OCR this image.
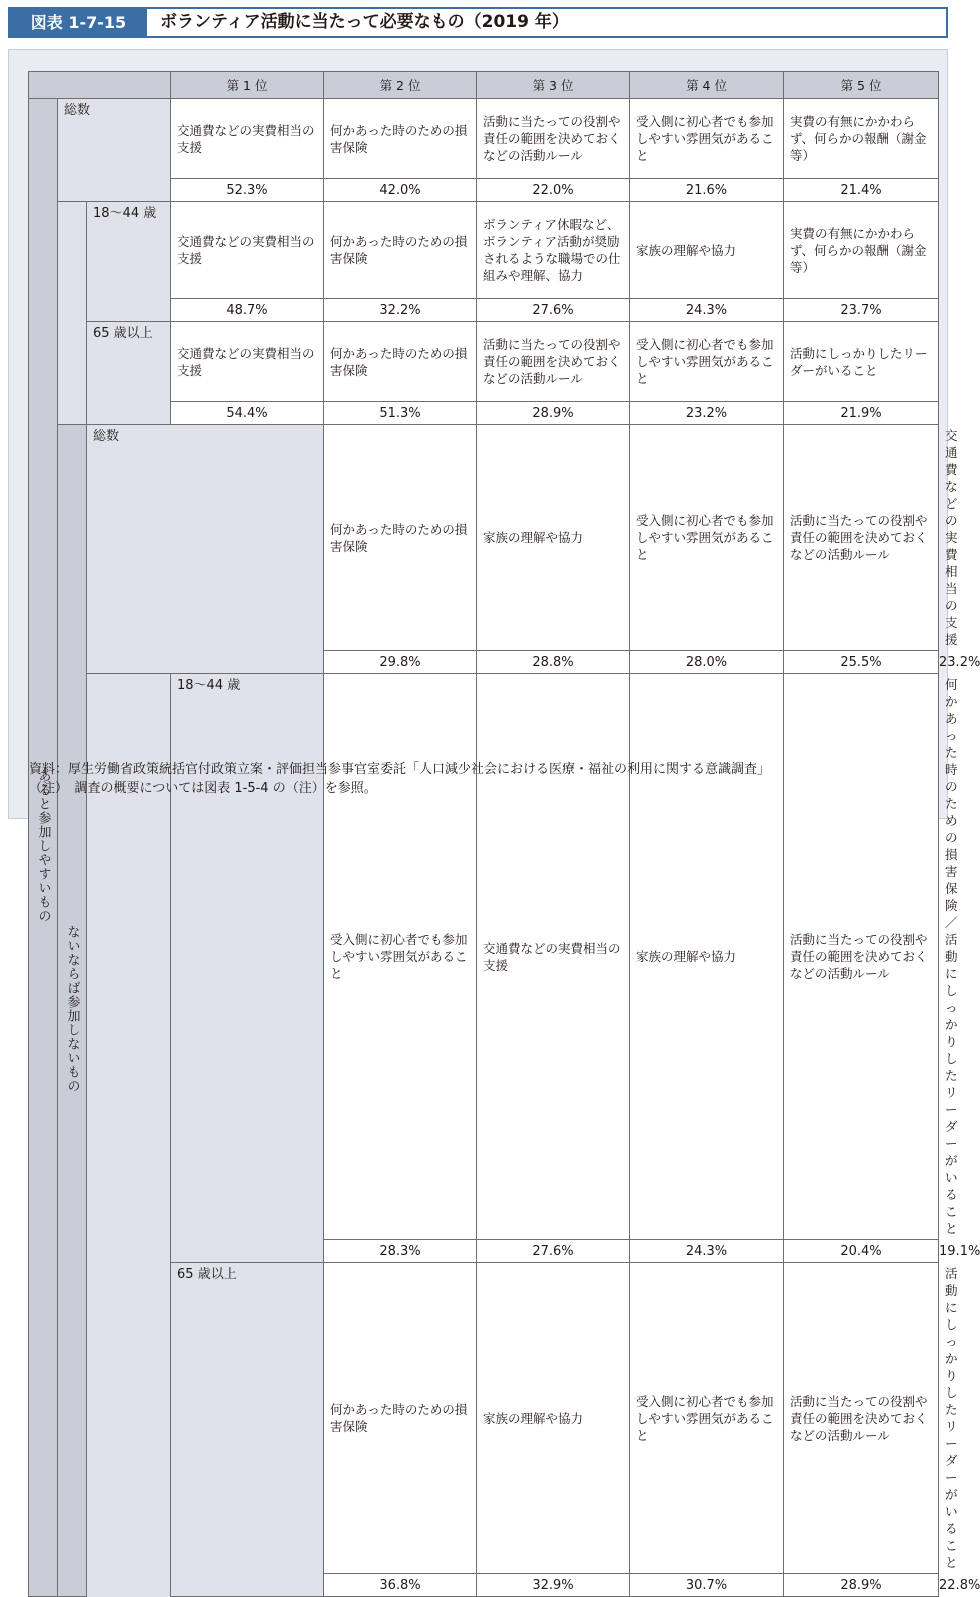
図表 1-7-15	ボランティア活動に当たって必要なもの（2019 年）
			第 1 位	第 2 位	第 3 位	第 4 位	第 5 位	
あると参加しやすいもの	総数		交通費などの実費相当の支援	何かあった時のための損害保険	活動に当たっての役割や責任の範囲を決めておくなどの活動ルール	受入側に初心者でも参加しやすい雰囲気があること	実費の有無にかかわらず、何らかの報酬（謝金等）	
			52.3%	42.0%	22.0%	21.6%	21.4%	
		18〜44 歳	交通費などの実費相当の支援	何かあった時のための損害保険	ボランティア休暇など、ボランティア活動が奨励されるような職場での仕組みや理解、協力	家族の理解や協力	実費の有無にかかわらず、何らかの報酬（謝金等）	
			48.7%	32.2%	27.6%	24.3%	23.7%	
		65 歳以上	交通費などの実費相当の支援	何かあった時のための損害保険	活動に当たっての役割や責任の範囲を決めておくなどの活動ルール	受入側に初心者でも参加しやすい雰囲気があること	活動にしっかりしたリーダーがいること	
			54.4%	51.3%	28.9%	23.2%	21.9%	
	ないならば参加しないもの	総数		何かあった時のための損害保険	家族の理解や協力	受入側に初心者でも参加しやすい雰囲気があること	活動に当たっての役割や責任の範囲を決めておくなどの活動ルール	交通費などの実費相当の支援
				29.8%	28.8%	28.0%	25.5%	23.2%
			18〜44 歳	受入側に初心者でも参加しやすい雰囲気があること	交通費などの実費相当の支援	家族の理解や協力	活動に当たっての役割や責任の範囲を決めておくなどの活動ルール	何かあった時のための損害保険／活動にしっかりしたリーダーがいること
				28.3%	27.6%	24.3%	20.4%	19.1%
			65 歳以上	何かあった時のための損害保険	家族の理解や協力	受入側に初心者でも参加しやすい雰囲気があること	活動に当たっての役割や責任の範囲を決めておくなどの活動ルール	活動にしっかりしたリーダーがいること
				36.8%	32.9%	30.7%	28.9%	22.8%
資料：厚生労働省政策統括官付政策立案・評価担当参事官室委託「人口減少社会における医療・福祉の利用に関する意識調査」
（注）　調査の概要については図表 1-5-4 の（注）を参照。
